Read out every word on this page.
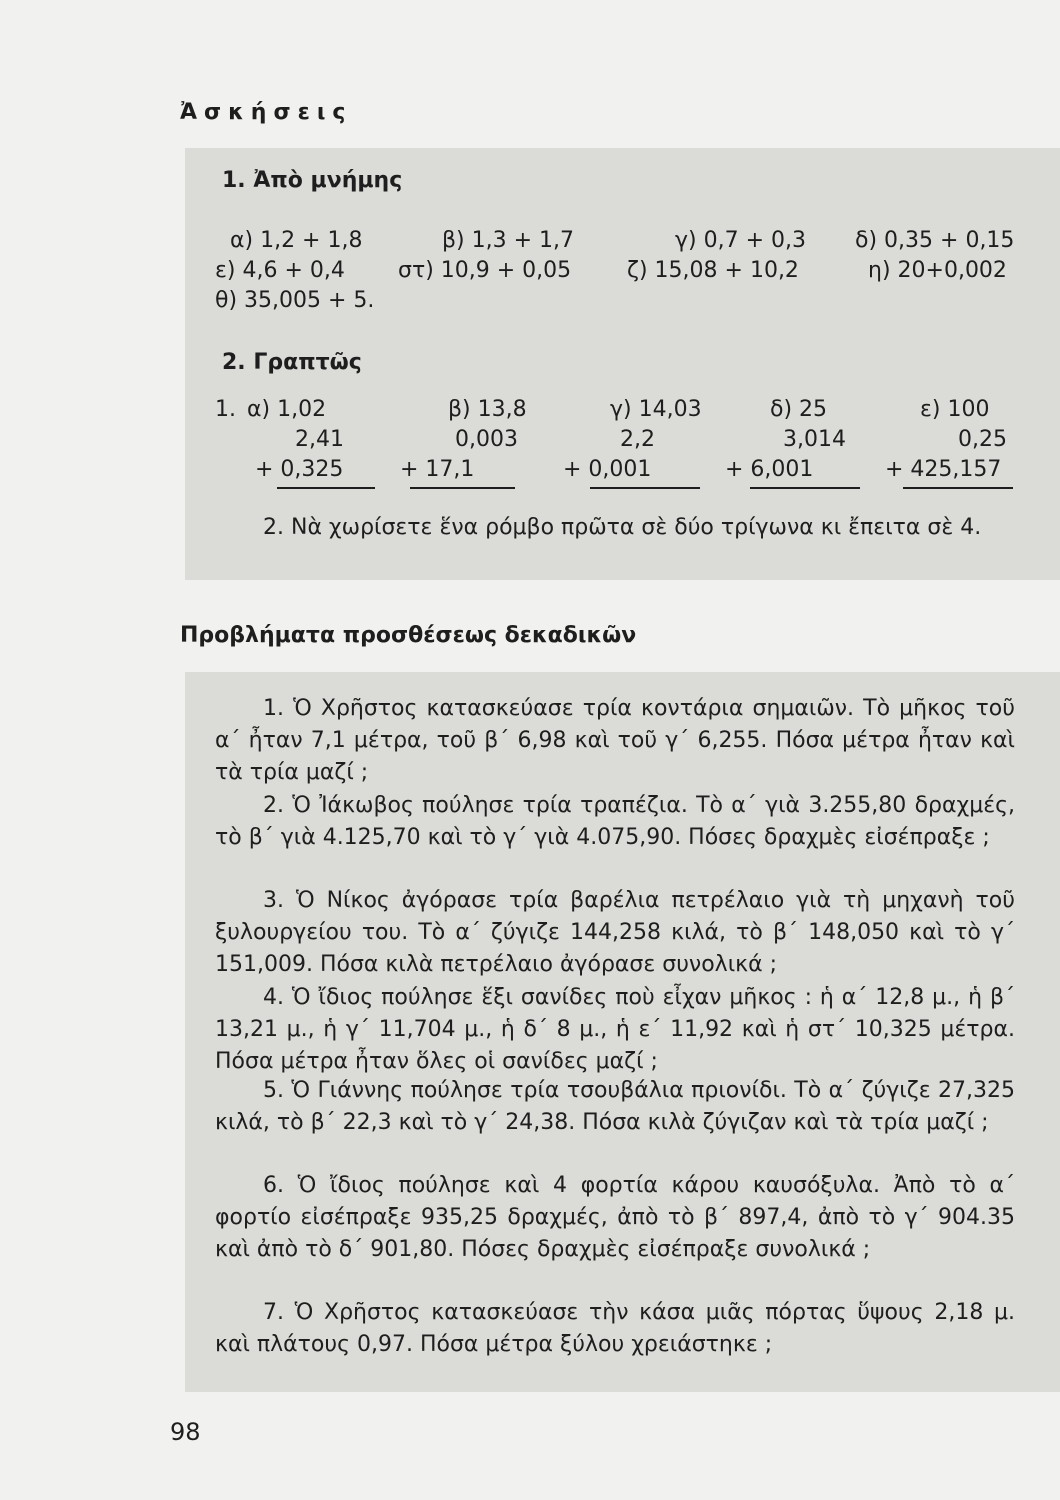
Ἀσκήσεις
1. Ἀπὸ μνήμης
α) 1,2 + 1,8	β) 1,3 + 1,7	γ) 0,7 + 0,3 δ) 0,35 + 0,15
ε) 4,6 + 0,4 στ) 10,9 + 0,05	ζ) 15,08 + 10,2	η) 20+0,002
θ) 35,005 + 5.
2. Γραπτῶς
1. α) 1,02	β) 13,8	γ) 14,03	δ) 25	ε) 100
2,41	0,003	2,2	3,014	0,25
+ 0,325	+ 17,1	+ 0,001	+ 6,001	+ 425,157
2. Νὰ χωρίσετε ἕνα ρόμβο πρῶτα σὲ δύο τρίγωνα κι ἔπειτα σὲ 4.
Προβλήματα προσθέσεως δεκαδικῶν
1. Ὁ Χρῆστος κατασκεύασε τρία κοντάρια σημαιῶν. Τὸ μῆκος τοῦ α΄ ἦταν 7,1 μέτρα, τοῦ β΄ 6,98 καὶ τοῦ γ΄ 6,255. Πόσα μέτρα ἦταν καὶ τὰ τρία μαζί ;
2. Ὁ Ἰάκωβος πούλησε τρία τραπέζια. Τὸ α΄ γιὰ 3.255,80 δραχμές, τὸ β΄ γιὰ 4.125,70 καὶ τὸ γ΄ γιὰ 4.075,90. Πόσες δραχμὲς εἰσέπραξε ;
3. Ὁ Νίκος ἀγόρασε τρία βαρέλια πετρέλαιο γιὰ τὴ μηχανὴ τοῦ ξυλουργείου του. Τὸ α΄ ζύγιζε 144,258 κιλά, τὸ β΄ 148,050 καὶ τὸ γ΄ 151,009. Πόσα κιλὰ πετρέλαιο ἀγόρασε συνολικά ;
4. Ὁ ἴδιος πούλησε ἕξι σανίδες ποὺ εἶχαν μῆκος : ἡ α΄ 12,8 μ., ἡ β΄ 13,21 μ., ἡ γ΄ 11,704 μ., ἡ δ΄ 8 μ., ἡ ε΄ 11,92 καὶ ἡ στ΄ 10,325 μέτρα. Πόσα μέτρα ἦταν ὅλες οἱ σανίδες μαζί ;
5. Ὁ Γιάννης πούλησε τρία τσουβάλια πριονίδι. Τὸ α΄ ζύγιζε 27,325 κιλά, τὸ β΄ 22,3 καὶ τὸ γ΄ 24,38. Πόσα κιλὰ ζύγιζαν καὶ τὰ τρία μαζί ;
6. Ὁ ἴδιος πούλησε καὶ 4 φορτία κάρου καυσόξυλα. Ἀπὸ τὸ α΄ φορτίο εἰσέπραξε 935,25 δραχμές, ἀπὸ τὸ β΄ 897,4, ἀπὸ τὸ γ΄ 904.35 καὶ ἀπὸ τὸ δ΄ 901,80. Πόσες δραχμὲς εἰσέπραξε συνολικά ;
7. Ὁ Χρῆστος κατασκεύασε τὴν κάσα μιᾶς πόρτας ὕψους 2,18 μ. καὶ πλάτους 0,97. Πόσα μέτρα ξύλου χρειάστηκε ;
98
